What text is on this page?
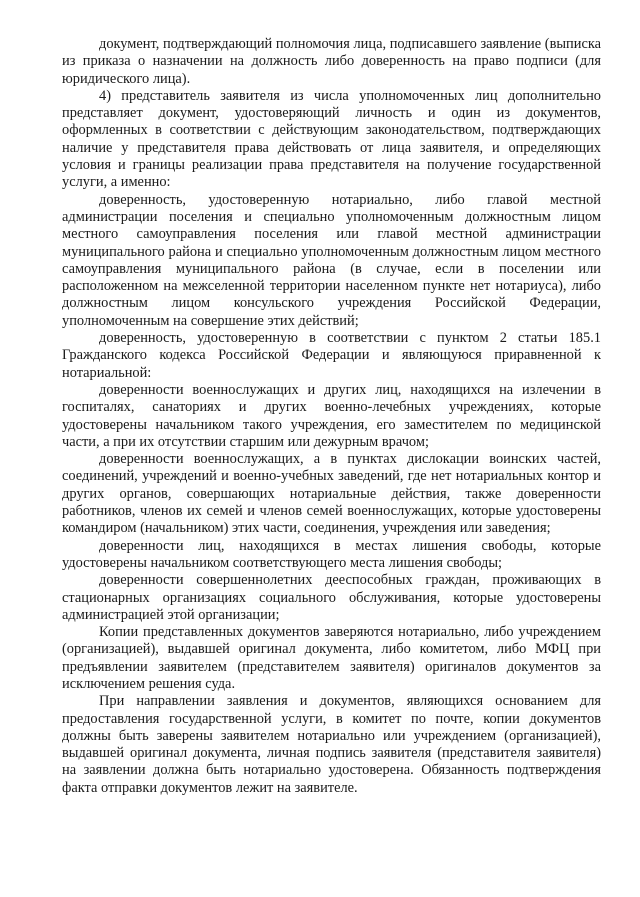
документ, подтверждающий полномочия лица, подписавшего заявление (выписка из приказа о назначении на должность либо доверенность на право подписи (для юридического лица).

4) представитель заявителя из числа уполномоченных лиц дополнительно представляет документ, удостоверяющий личность и один из документов, оформленных в соответствии с действующим законодательством, подтверждающих наличие у представителя права действовать от лица заявителя, и определяющих условия и границы реализации права представителя на получение государственной услуги, а именно:

доверенность, удостоверенную нотариально, либо главой местной администрации поселения и специально уполномоченным должностным лицом местного самоуправления поселения или главой местной администрации муниципального района и специально уполномоченным должностным лицом местного самоуправления муниципального района (в случае, если в поселении или расположенном на межселенной территории населенном пункте нет нотариуса), либо должностным лицом консульского учреждения Российской Федерации, уполномоченным на совершение этих действий;

доверенность, удостоверенную в соответствии с пунктом 2 статьи 185.1 Гражданского кодекса Российской Федерации и являющуюся приравненной к нотариальной:

доверенности военнослужащих и других лиц, находящихся на излечении в госпиталях, санаториях и других военно-лечебных учреждениях, которые удостоверены начальником такого учреждения, его заместителем по медицинской части, а при их отсутствии старшим или дежурным врачом;

доверенности военнослужащих, а в пунктах дислокации воинских частей, соединений, учреждений и военно-учебных заведений, где нет нотариальных контор и других органов, совершающих нотариальные действия, также доверенности работников, членов их семей и членов семей военнослужащих, которые удостоверены командиром (начальником) этих части, соединения, учреждения или заведения;

доверенности лиц, находящихся в местах лишения свободы, которые удостоверены начальником соответствующего места лишения свободы;

доверенности совершеннолетних дееспособных граждан, проживающих в стационарных организациях социального обслуживания, которые удостоверены администрацией этой организации;

Копии представленных документов заверяются нотариально, либо учреждением (организацией), выдавшей оригинал документа, либо комитетом, либо МФЦ при предъявлении заявителем (представителем заявителя) оригиналов документов за исключением решения суда.

При направлении заявления и документов, являющихся основанием для предоставления государственной услуги, в комитет по почте, копии документов должны быть заверены заявителем нотариально или учреждением (организацией), выдавшей оригинал документа, личная подпись заявителя (представителя заявителя) на заявлении должна быть нотариально удостоверена. Обязанность подтверждения факта отправки документов лежит на заявителе.
